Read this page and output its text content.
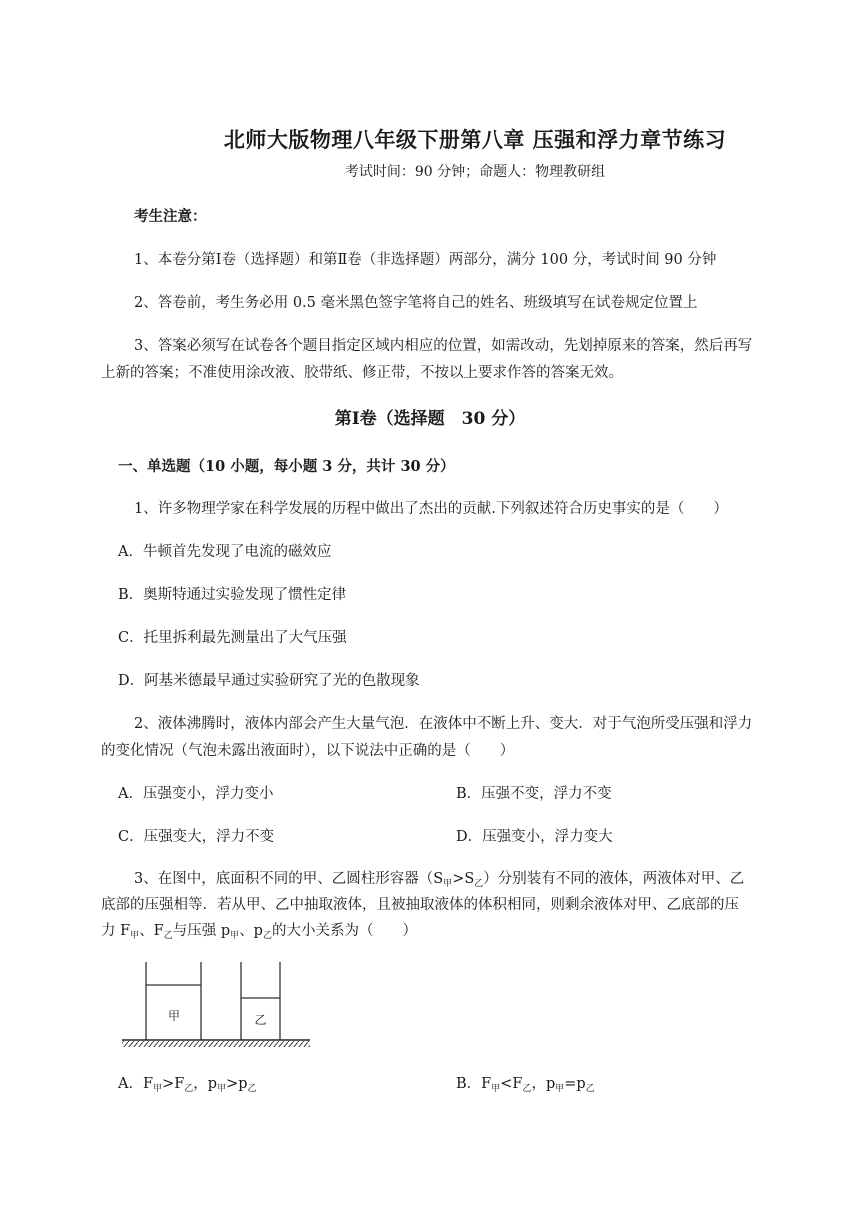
北师大版物理八年级下册第八章 压强和浮力章节练习
考试时间：90 分钟；命题人：物理教研组
考生注意：
1、本卷分第Ⅰ卷（选择题）和第Ⅱ卷（非选择题）两部分，满分 100 分，考试时间 90 分钟
2、答卷前，考生务必用 0.5 毫米黑色签字笔将自己的姓名、班级填写在试卷规定位置上
3、答案必须写在试卷各个题目指定区域内相应的位置，如需改动，先划掉原来的答案，然后再写
上新的答案；不准使用涂改液、胶带纸、修正带，不按以上要求作答的答案无效。
第Ⅰ卷（选择题　30 分）
一、单选题（10 小题，每小题 3 分，共计 30 分）
1、许多物理学家在科学发展的历程中做出了杰出的贡献.下列叙述符合历史事实的是（　　）
A．牛顿首先发现了电流的磁效应
B．奥斯特通过实验发现了惯性定律
C．托里拆利最先测量出了大气压强
D．阿基米德最早通过实验研究了光的色散现象
2、液体沸腾时，液体内部会产生大量气泡．在液体中不断上升、变大．对于气泡所受压强和浮力
的变化情况（气泡未露出液面时），以下说法中正确的是（　　）
A．压强变小，浮力变小	B．压强不变，浮力不变
C．压强变大，浮力不变	D．压强变小，浮力变大
3、在图中，底面积不同的甲、乙圆柱形容器$(S_甲>S_乙)$分别装有不同的液体，两液体对甲、乙
底部的压强相等．若从甲、乙中抽取液体，且被抽取液体的体积相同，则剩余液体对甲、乙底部的压
力 $F_甲$、$F_乙$与压强 $p_甲$、$p_乙$的大小关系为（　　）
甲	乙
A．$F_甲>F_乙$，$p_甲>p_乙$	B．$F_甲<F_乙$，$p_甲=p_乙$
